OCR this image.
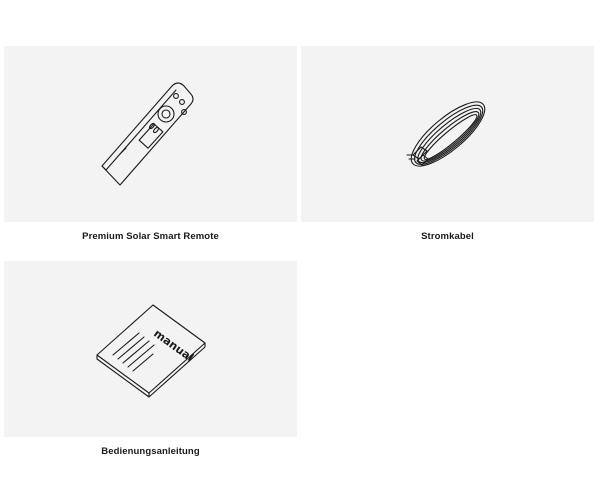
Premium Solar Smart Remote	Stromkabel
manual
Bedienungsanleitung
